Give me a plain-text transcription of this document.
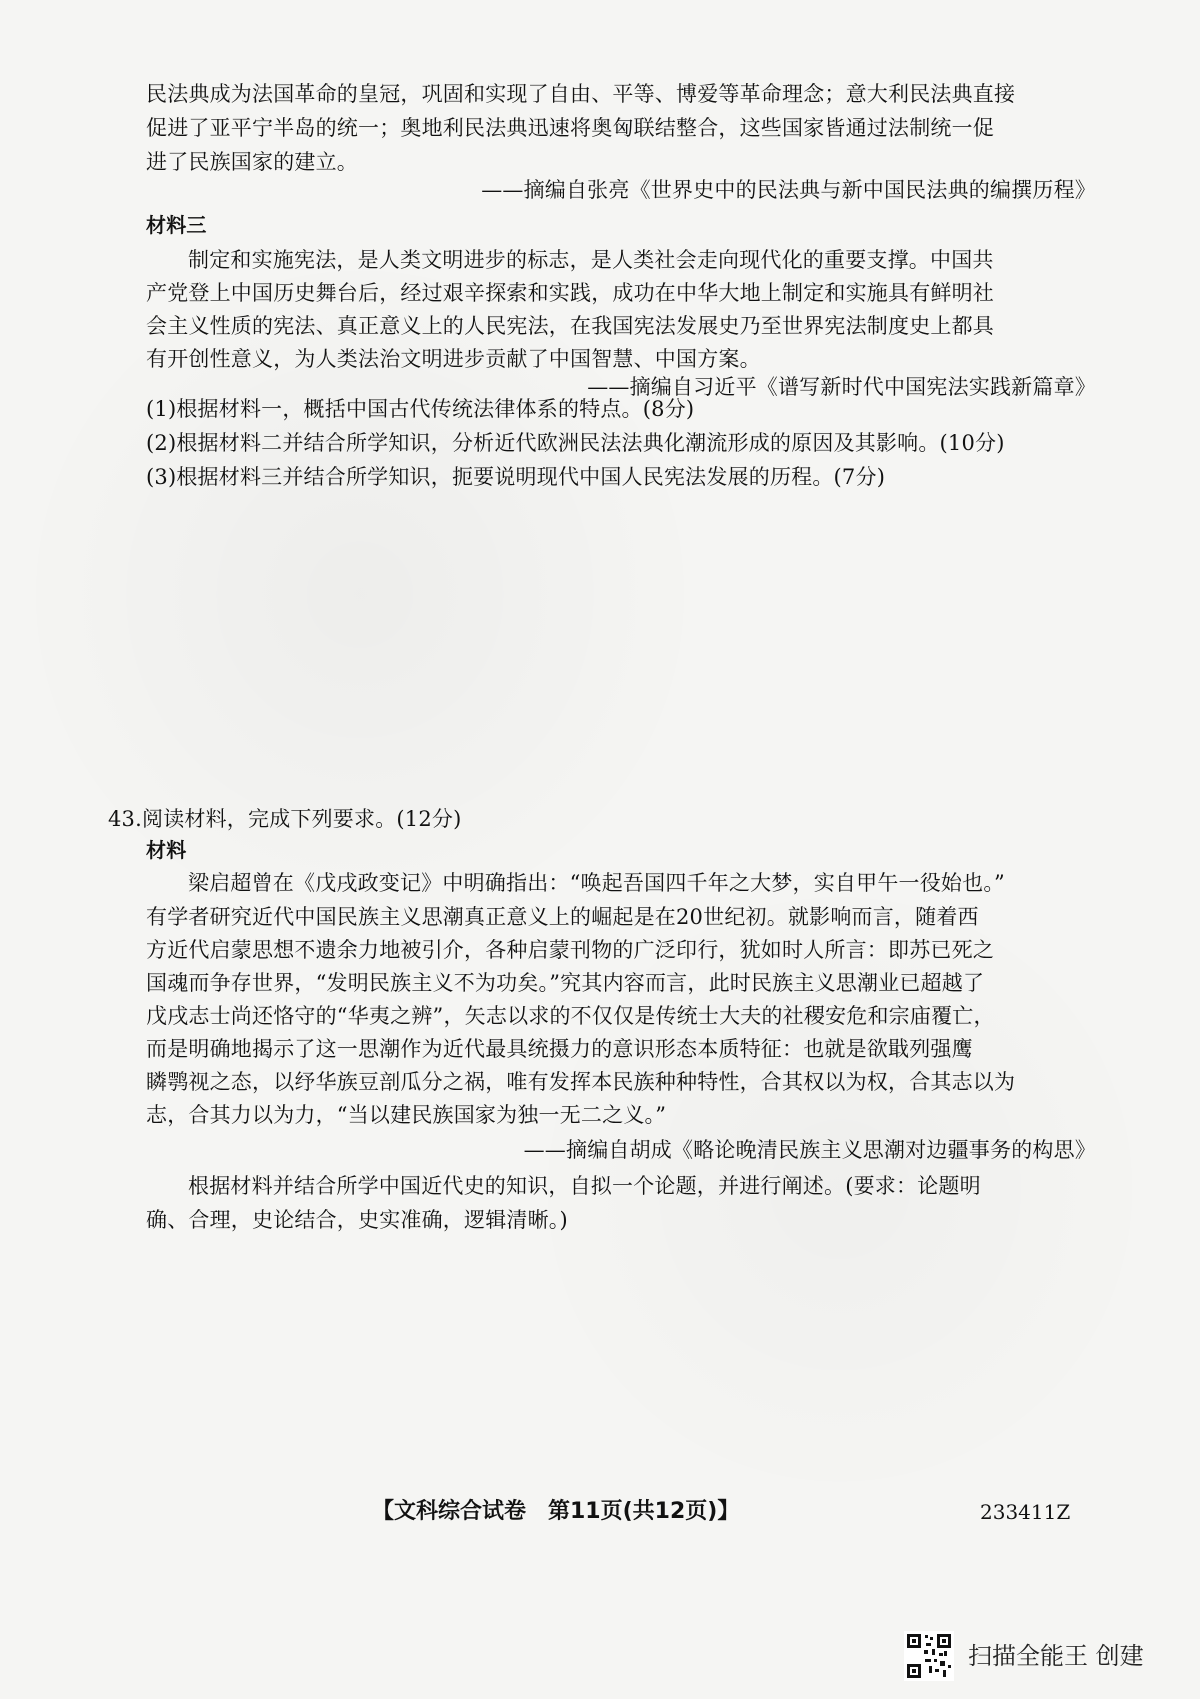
民法典成为法国革命的皇冠，巩固和实现了自由、平等、博爱等革命理念；意大利民法典直接
促进了亚平宁半岛的统一；奥地利民法典迅速将奥匈联结整合，这些国家皆通过法制统一促
进了民族国家的建立。
——摘编自张亮《世界史中的民法典与新中国民法典的编撰历程》
材料三
制定和实施宪法，是人类文明进步的标志，是人类社会走向现代化的重要支撑。中国共
产党登上中国历史舞台后，经过艰辛探索和实践，成功在中华大地上制定和实施具有鲜明社
会主义性质的宪法、真正意义上的人民宪法，在我国宪法发展史乃至世界宪法制度史上都具
有开创性意义，为人类法治文明进步贡献了中国智慧、中国方案。
——摘编自习近平《谱写新时代中国宪法实践新篇章》
(1)根据材料一，概括中国古代传统法律体系的特点。(8分)
(2)根据材料二并结合所学知识，分析近代欧洲民法法典化潮流形成的原因及其影响。(10分)
(3)根据材料三并结合所学知识，扼要说明现代中国人民宪法发展的历程。(7分)
43.阅读材料，完成下列要求。(12分)
材料
梁启超曾在《戊戌政变记》中明确指出：“唤起吾国四千年之大梦，实自甲午一役始也。”
有学者研究近代中国民族主义思潮真正意义上的崛起是在20世纪初。就影响而言，随着西
方近代启蒙思想不遗余力地被引介，各种启蒙刊物的广泛印行，犹如时人所言：即苏已死之
国魂而争存世界，“发明民族主义不为功矣。”究其内容而言，此时民族主义思潮业已超越了
戊戌志士尚还恪守的“华夷之辨”，矢志以求的不仅仅是传统士大夫的社稷安危和宗庙覆亡，
而是明确地揭示了这一思潮作为近代最具统摄力的意识形态本质特征：也就是欲戢列强鹰
瞵鹗视之态，以纾华族豆剖瓜分之祸，唯有发挥本民族种种特性，合其权以为权，合其志以为
志，合其力以为力，“当以建民族国家为独一无二之义。”
——摘编自胡成《略论晚清民族主义思潮对边疆事务的构思》
根据材料并结合所学中国近代史的知识，自拟一个论题，并进行阐述。(要求：论题明
确、合理，史论结合，史实准确，逻辑清晰。)
【文科综合试卷　第11页(共12页)】	233411Z
扫描全能王 创建
